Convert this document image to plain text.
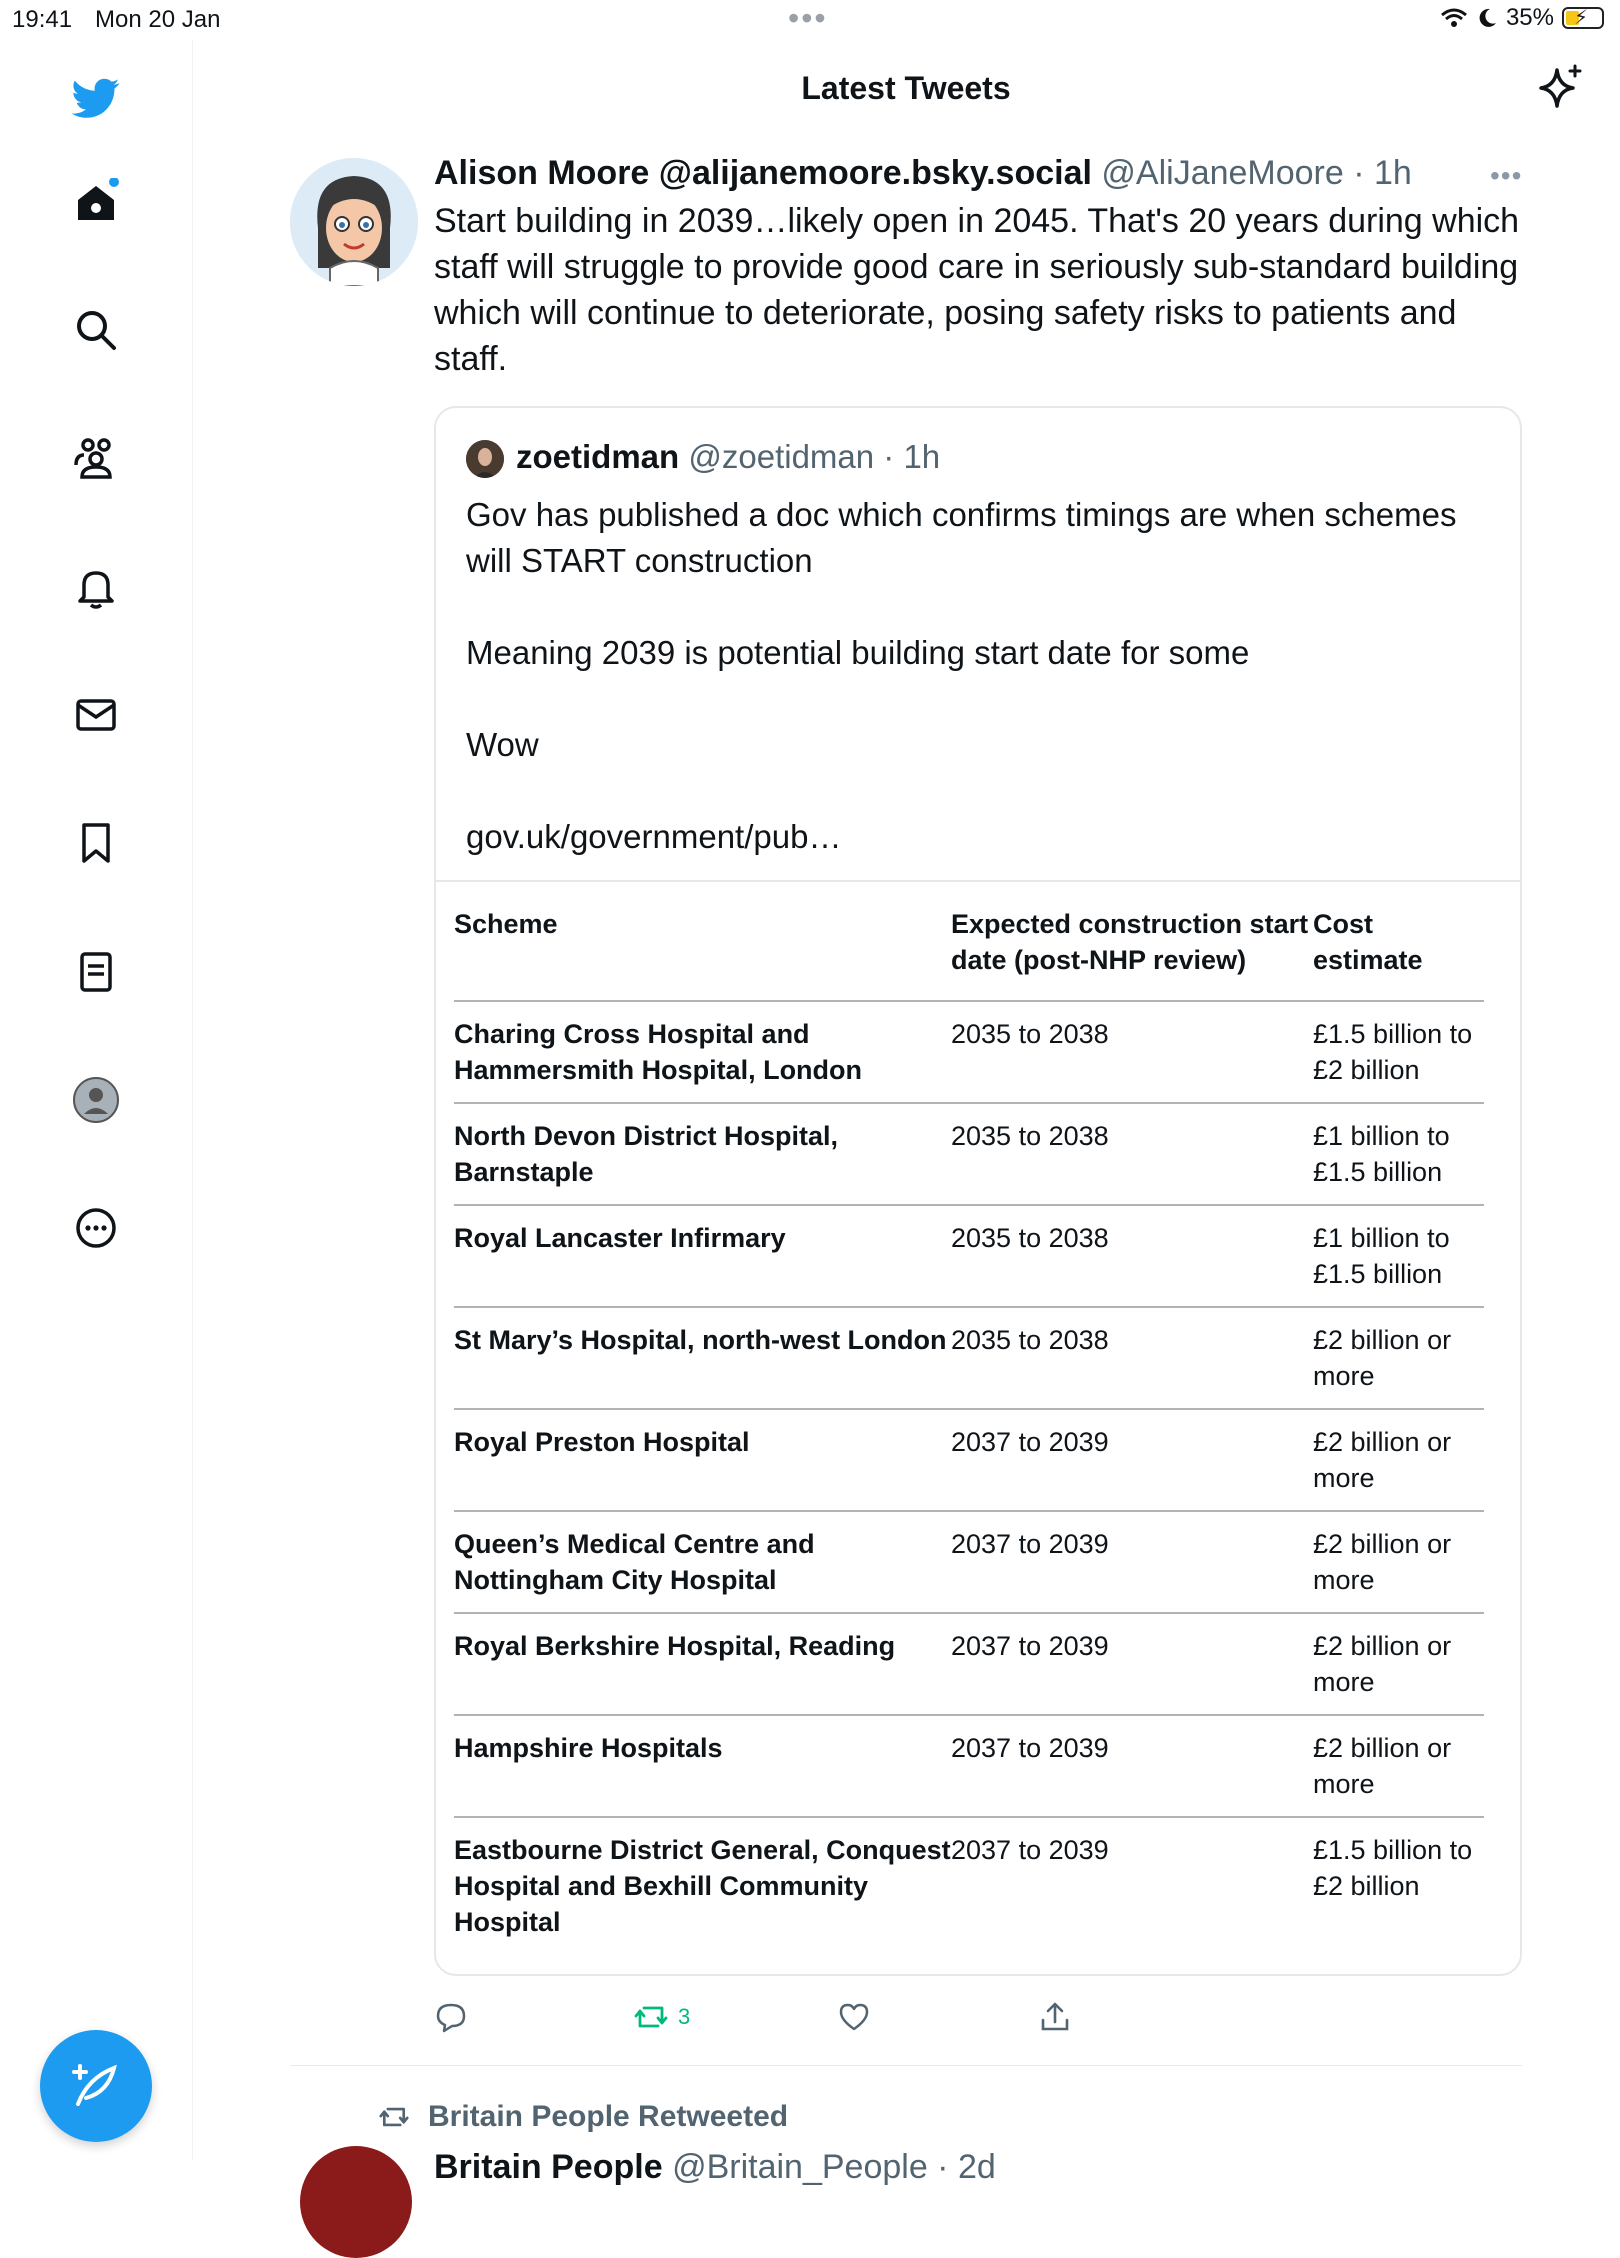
19:41 Mon 20 Jan	•••	35% ⚡
Latest Tweets
Alison Moore @alijanemoore.bsky.social @AliJaneMoore · 1h	•••
Start building in 2039…likely open in 2045. That's 20 years during which staff will struggle to provide good care in seriously sub-standard building which will continue to deteriorate, posing safety risks to patients and staff.
zoetidman @zoetidman · 1h

Gov has published a doc which confirms timings are when schemes will START construction

Meaning 2039 is potential building start date for some

Wow

gov.uk/government/pub…

Scheme	Expected construction start date (post-NHP review)	Cost estimate
Charing Cross Hospital and Hammersmith Hospital, London	2035 to 2038	£1.5 billion to £2 billion
North Devon District Hospital, Barnstaple	2035 to 2038	£1 billion to £1.5 billion
Royal Lancaster Infirmary	2035 to 2038	£1 billion to £1.5 billion
St Mary’s Hospital, north-west London	2035 to 2038	£2 billion or more
Royal Preston Hospital	2037 to 2039	£2 billion or more
Queen’s Medical Centre and Nottingham City Hospital	2037 to 2039	£2 billion or more
Royal Berkshire Hospital, Reading	2037 to 2039	£2 billion or more
Hampshire Hospitals	2037 to 2039	£2 billion or more
Eastbourne District General, Conquest Hospital and Bexhill Community Hospital	2037 to 2039	£1.5 billion to £2 billion
3
Britain People Retweeted
Britain People @Britain_People · 2d
